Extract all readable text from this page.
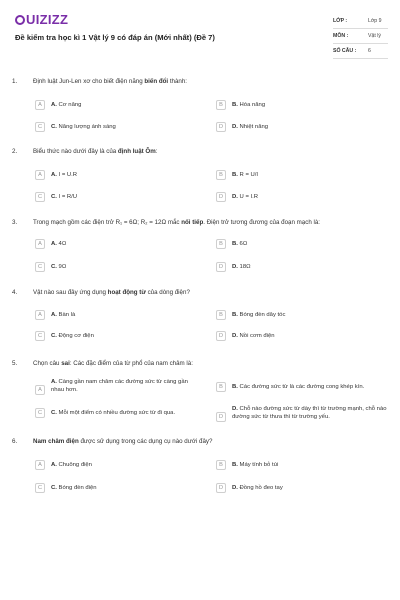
UIZIZZ
Đề kiểm tra học kì 1 Vật lý 9 có đáp án (Mới nhất) (Đề 7)
LỚP :	Lớp 9
MÔN :	Vật lý
SỐ CÂU : 6
1.	Định luật Jun-Len xơ cho biết điện năng biến đổi thành:
A	A. Cơ năng	B	B. Hóa năng
C	C. Năng lượng ánh sáng	D	D. Nhiệt năng
2.	Biểu thức nào dưới đây là của định luật Ôm:
A	A. I = U.R	B	B. R = U/I
C	C. I = R/U	D	D. U = I.R
3.	Trong mạch gồm các điện trở R₁ = 6Ω; R₂ = 12Ω mắc nối tiếp. Điện trở tương đương của đoạn mạch là:
A	A. 4Ω	B	B. 6Ω
C	C. 9Ω	D	D. 18Ω
4.	Vật nào sau đây ứng dụng hoạt động từ của dòng điện?
A	A. Bàn là	B	B. Bóng đèn dây tóc
C	C. Động cơ điện	D	D. Nồi cơm điện
5.	Chọn câu sai: Các đặc điểm của từ phổ của nam châm là:
A
A. Càng gần nam châm các đường sức từ càng gần nhau hơn.	B	B. Các đường sức từ là các đường cong khép kín.
C	C. Mỗi một điểm có nhiều đường sức từ đi qua.
D
D. Chỗ nào đường sức từ dày thì từ trường mạnh, chỗ nào đường sức từ thưa thì từ trường yếu.
6.	Nam châm điện được sử dụng trong các dụng cụ nào dưới đây?
A	A. Chuông điện	B	B. Máy tính bỏ túi
C	C. Bóng đèn điện	D	D. Đồng hồ đeo tay
